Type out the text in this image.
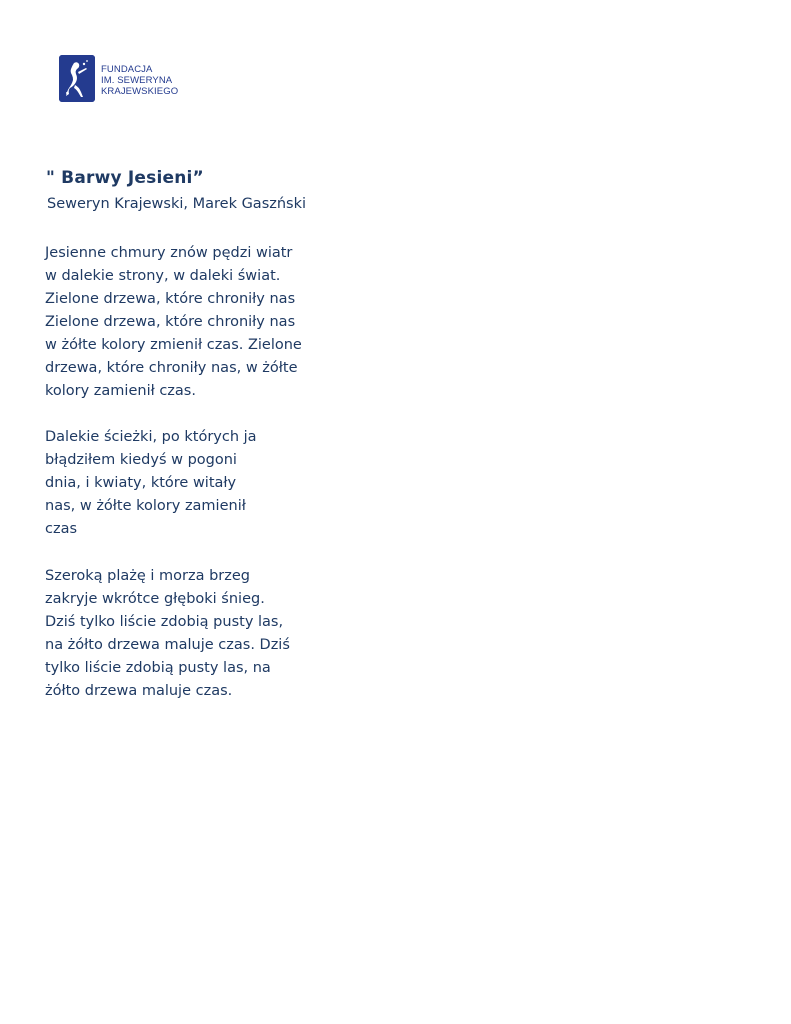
FUNDACJA
IM. SEWERYNA
KRAJEWSKIEGO
" Barwy Jesieni”
Seweryn Krajewski, Marek Gaszński
Jesienne chmury znów pędzi wiatr
w dalekie strony, w daleki świat.
Zielone drzewa, które chroniły nas
Zielone drzewa, które chroniły nas
w żółte kolory zmienił czas. Zielone
drzewa, które chroniły nas, w żółte
kolory zamienił czas.
Dalekie ścieżki, po których ja
błądziłem kiedyś w pogoni
dnia, i kwiaty, które witały
nas, w żółte kolory zamienił
czas
Szeroką plażę i morza brzeg
zakryje wkrótce głęboki śnieg.
Dziś tylko liście zdobią pusty las,
na żółto drzewa maluje czas. Dziś
tylko liście zdobią pusty las, na
żółto drzewa maluje czas.
